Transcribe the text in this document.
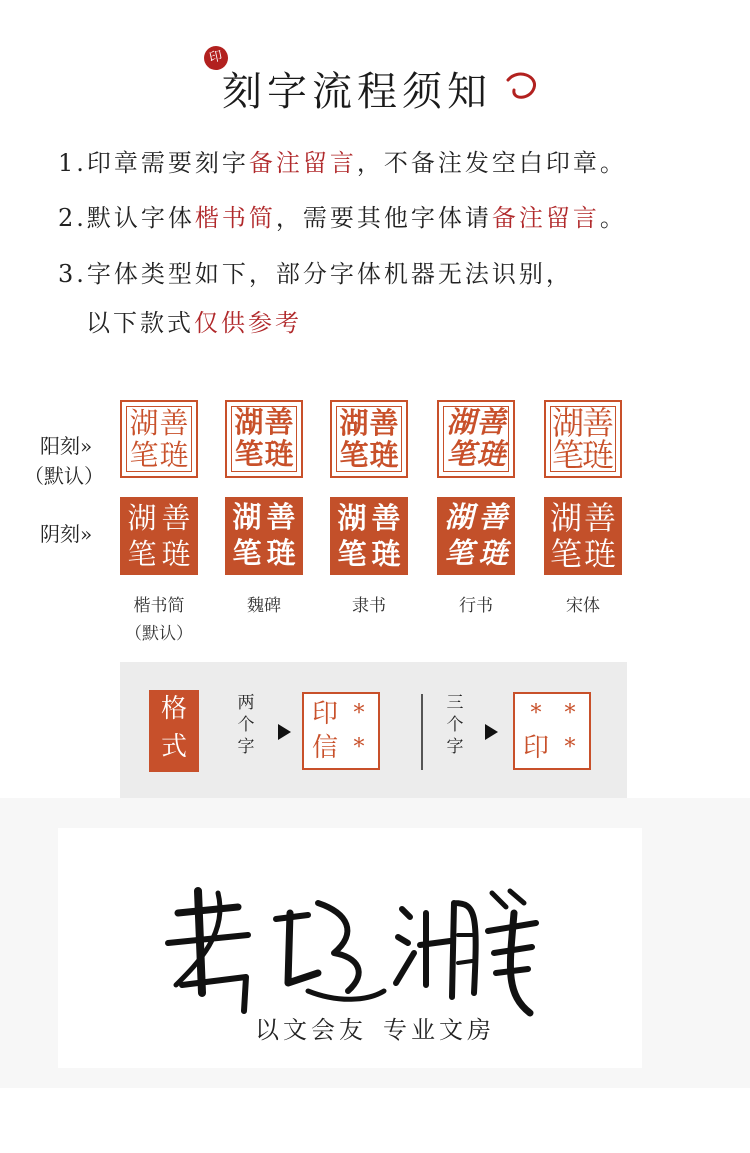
印
刻字流程须知
1.印章需要刻字备注留言，不备注发空白印章。
2.默认字体楷书简，需要其他字体请备注留言。
3.字体类型如下，部分字体机器无法识别，
以下款式仅供参考
阳刻»
（默认）
阴刻»
湖 善
笔 琏
湖 善
笔 琏
湖 善
笔 琏
湖 善
笔 琏
湖
善
笔
琏
湖 善
笔 琏
湖 善
笔 琏
湖 善
笔 琏
湖 善
笔 琏
湖 善
笔 琏
楷书简
（默认）
魏碑	隶书	行书	宋体
格
式
两
个
字
印
信
*
*
三
个
字
*	*
印 *
以文会友 专业文房
